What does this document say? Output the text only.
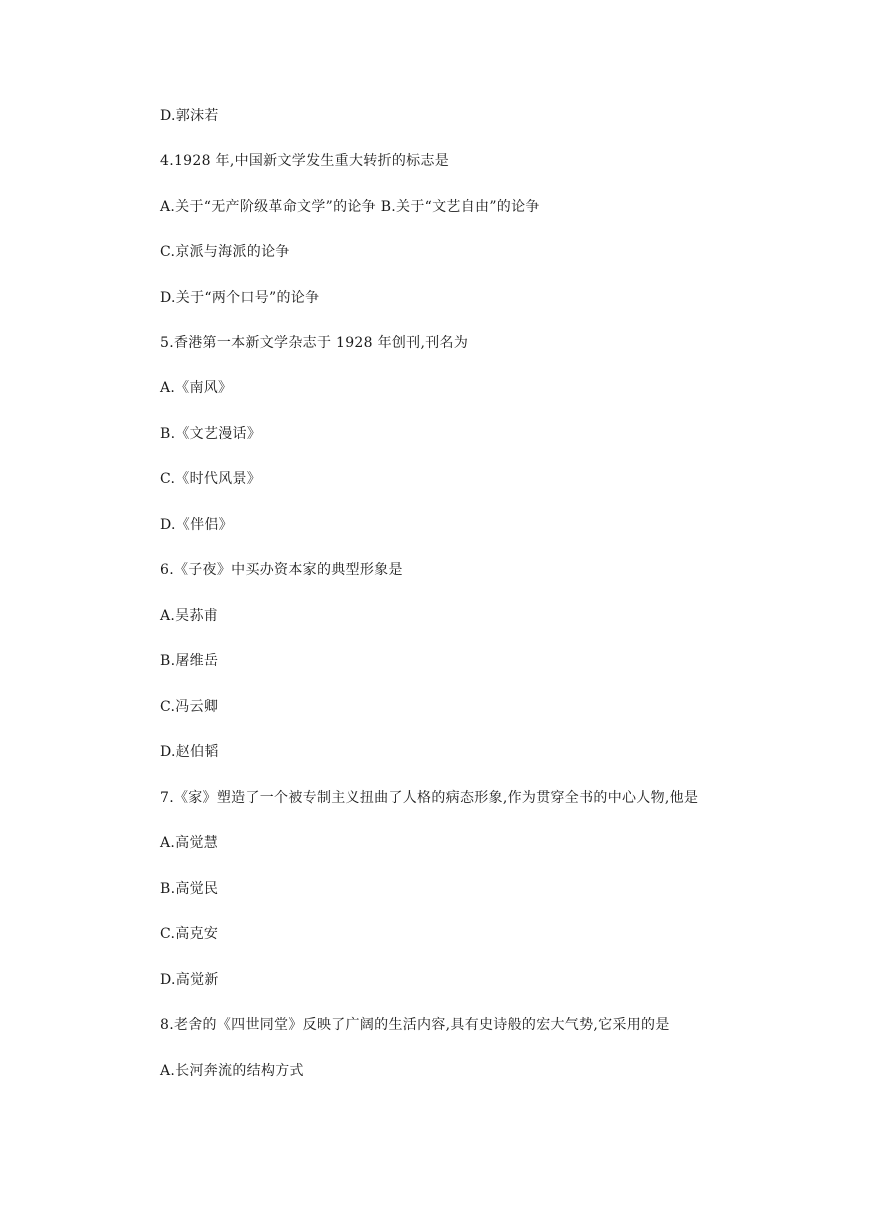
D.郭沫若
4.1928 年,中国新文学发生重大转折的标志是
A.关于“无产阶级革命文学”的论争 B.关于“文艺自由”的论争
C.京派与海派的论争
D.关于“两个口号”的论争
5.香港第一本新文学杂志于 1928 年创刊,刊名为
A.《南风》
B.《文艺漫话》
C.《时代风景》
D.《伴侣》
6.《子夜》中买办资本家的典型形象是
A.吴荪甫
B.屠维岳
C.冯云卿
D.赵伯韬
7.《家》塑造了一个被专制主义扭曲了人格的病态形象,作为贯穿全书的中心人物,他是
A.高觉慧
B.高觉民
C.高克安
D.高觉新
8.老舍的《四世同堂》反映了广阔的生活内容,具有史诗般的宏大气势,它采用的是
A.长河奔流的结构方式
